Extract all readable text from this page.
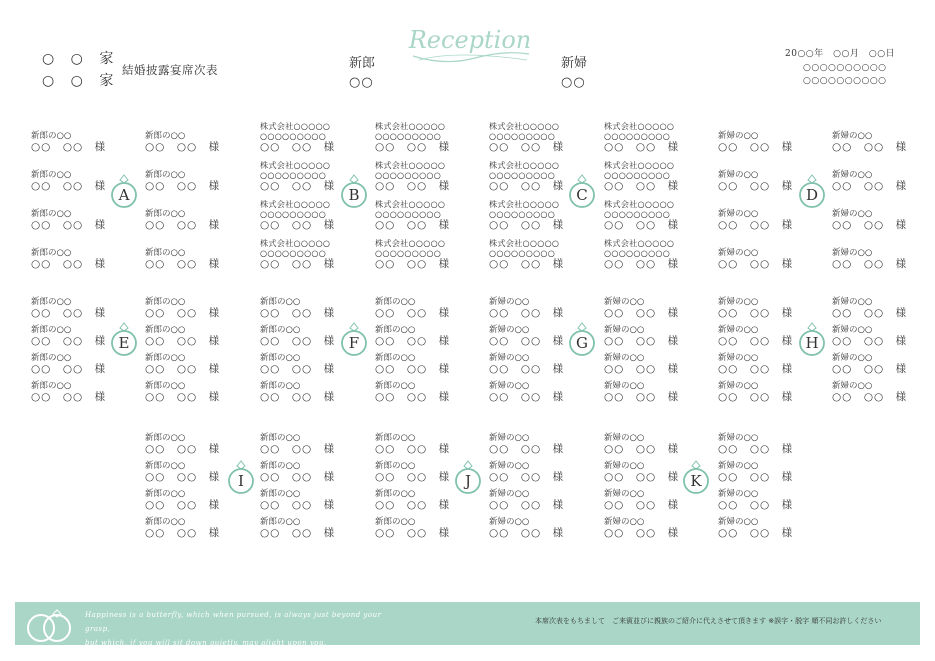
○ ○ 家
○ ○ 家
結婚披露宴席次表
Reception
新郎
○○
新婦
○○
20○○年　○○月　○○日
○○○○○○○○○○
○○○○○○○○○○
新郎の○○
○○　○○　様
新郎の○○
○○　○○　様
新郎の○○
○○　○○　様
新郎の○○
○○　○○　様
新郎の○○
○○　○○　様
新郎の○○
○○　○○　様
新郎の○○
○○　○○　様
新郎の○○
○○　○○　様
A
株式会社○○○○○
○○○○○○○○○
○○　○○　様
株式会社○○○○○
○○○○○○○○○
○○　○○　様
株式会社○○○○○
○○○○○○○○○
○○　○○　様
株式会社○○○○○
○○○○○○○○○
○○　○○　様
株式会社○○○○○
○○○○○○○○○
○○　○○　様
株式会社○○○○○
○○○○○○○○○
○○　○○　様
株式会社○○○○○
○○○○○○○○○
○○　○○　様
株式会社○○○○○
○○○○○○○○○
○○　○○　様
株式会社○○○○○
○○○○○○○○○
○○　○○　様
株式会社○○○○○
○○○○○○○○○
○○　○○　様
株式会社○○○○○
○○○○○○○○○
○○　○○　様
株式会社○○○○○
○○○○○○○○○
○○　○○　様
株式会社○○○○○
○○○○○○○○○
○○　○○　様
株式会社○○○○○
○○○○○○○○○
○○　○○　様
株式会社○○○○○
○○○○○○○○○
○○　○○　様
株式会社○○○○○
○○○○○○○○○
○○　○○　様
B	C
新婦の○○
○○　○○　様
新婦の○○
○○　○○　様
新婦の○○
○○　○○　様
新婦の○○
○○　○○　様
新婦の○○
○○　○○　様
新婦の○○
○○　○○　様
新婦の○○
○○　○○　様
新婦の○○
○○　○○　様
D
新郎の○○
○○　○○　様
新郎の○○
○○　○○　様
新郎の○○
○○　○○　様
新郎の○○
○○　○○　様
新郎の○○
○○　○○　様
新郎の○○
○○　○○　様
新郎の○○
○○　○○　様
新郎の○○
○○　○○　様
E
新郎の○○
○○　○○　様
新郎の○○
○○　○○　様
新郎の○○
○○　○○　様
新郎の○○
○○　○○　様
新郎の○○
○○　○○　様
新郎の○○
○○　○○　様
新郎の○○
○○　○○　様
新郎の○○
○○　○○　様
F
新婦の○○
○○　○○　様
新婦の○○
○○　○○　様
新婦の○○
○○　○○　様
新婦の○○
○○　○○　様
新婦の○○
○○　○○　様
新婦の○○
○○　○○　様
新婦の○○
○○　○○　様
新婦の○○
○○　○○　様
G
新婦の○○
○○　○○　様
新婦の○○
○○　○○　様
新婦の○○
○○　○○　様
新婦の○○
○○　○○　様
新婦の○○
○○　○○　様
新婦の○○
○○　○○　様
新婦の○○
○○　○○　様
新婦の○○
○○　○○　様
H
新郎の○○
○○　○○　様
新郎の○○
○○　○○　様
新郎の○○
○○　○○　様
新郎の○○
○○　○○　様
新郎の○○
○○　○○　様
新郎の○○
○○　○○　様
新郎の○○
○○　○○　様
新郎の○○
○○　○○　様
I
新郎の○○
○○　○○　様
新郎の○○
○○　○○　様
新郎の○○
○○　○○　様
新郎の○○
○○　○○　様
新婦の○○
○○　○○　様
新婦の○○
○○　○○　様
新婦の○○
○○　○○　様
新婦の○○
○○　○○　様
J
新婦の○○
○○　○○　様
新婦の○○
○○　○○　様
新婦の○○
○○　○○　様
新婦の○○
○○　○○　様
新婦の○○
○○　○○　様
新婦の○○
○○　○○　様
新婦の○○
○○　○○　様
新婦の○○
○○　○○　様
K
Happiness is a butterfly, which when pursued, is always just beyond your grasp,
but which, if you will sit down quietly, may alight upon you.
本席次表をもちまして　ご来賓並びに親族のご紹介に代えさせて頂きます ※誤字・脱字 順不同お許しください
